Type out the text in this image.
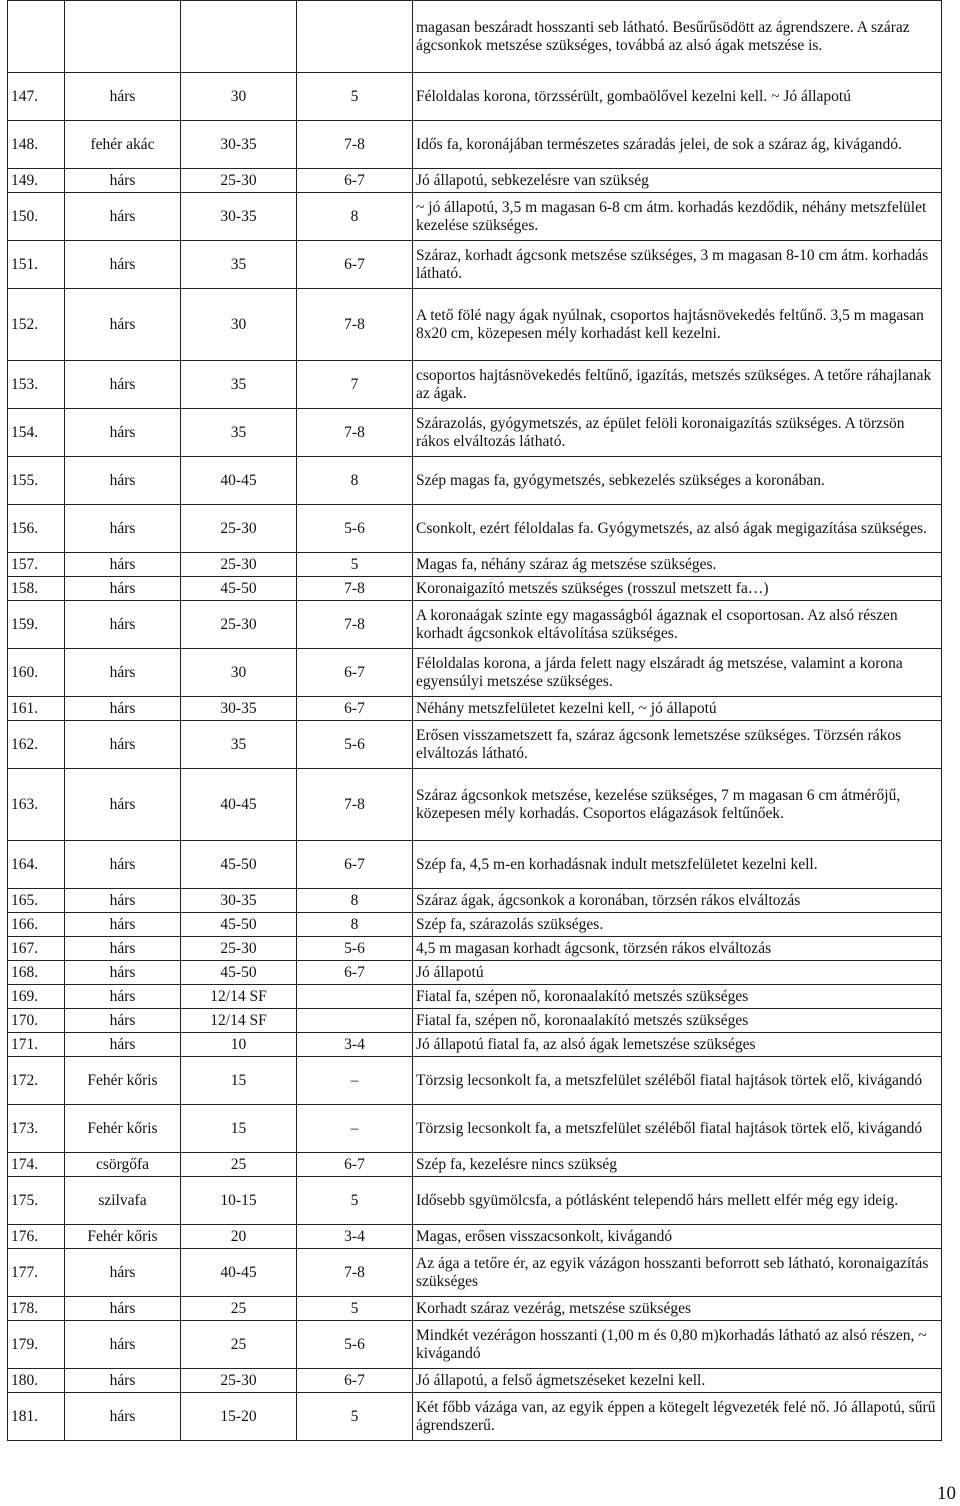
				magasan beszáradt hosszanti seb látható. Besűrűsödött az ágrendszere. A száraz ágcsonkok metszése szükséges, továbbá az alsó ágak metszése is.
147.	hárs	30	5	Féloldalas korona, törzssérült, gombaölővel kezelni kell. ~ Jó állapotú
148.	fehér akác	30-35	7-8	Idős fa, koronájában természetes száradás jelei, de sok a száraz ág, kivágandó.
149.	hárs	25-30	6-7	Jó állapotú, sebkezelésre van szükség
150.	hárs	30-35	8	~ jó állapotú, 3,5 m magasan 6-8 cm átm. korhadás kezdődik, néhány metszfelület kezelése szükséges.
151.	hárs	35	6-7	Száraz, korhadt ágcsonk metszése szükséges, 3 m magasan 8-10 cm átm. korhadás látható.
152.	hárs	30	7-8	A tető fölé nagy ágak nyúlnak, csoportos hajtásnövekedés feltűnő. 3,5 m magasan 8x20 cm, közepesen mély korhadást kell kezelni.
153.	hárs	35	7	csoportos hajtásnövekedés feltűnő, igazítás, metszés szükséges. A tetőre ráhajlanak az ágak.
154.	hárs	35	7-8	Szárazolás, gyógymetszés, az épület felöli koronaigazítás szükséges. A törzsön rákos elváltozás látható.
155.	hárs	40-45	8	Szép magas fa, gyógymetszés, sebkezelés szükséges a koronában.
156.	hárs	25-30	5-6	Csonkolt, ezért féloldalas fa. Gyógymetszés, az alsó ágak megigazítása szükséges.
157.	hárs	25-30	5	Magas fa, néhány száraz ág metszése szükséges.
158.	hárs	45-50	7-8	Koronaigazító metszés szükséges (rosszul metszett fa…)
159.	hárs	25-30	7-8	A koronaágak szinte egy magasságból ágaznak el csoportosan. Az alsó részen korhadt ágcsonkok eltávolítása szükséges.
160.	hárs	30	6-7	Féloldalas korona, a járda felett nagy elszáradt ág metszése, valamint a korona egyensúlyi metszése szükséges.
161.	hárs	30-35	6-7	Néhány metszfelületet kezelni kell, ~ jó állapotú
162.	hárs	35	5-6	Erősen visszametszett fa, száraz ágcsonk lemetszése szükséges. Törzsén rákos elváltozás látható.
163.	hárs	40-45	7-8	Száraz ágcsonkok metszése, kezelése szükséges, 7 m magasan 6 cm átmérőjű, közepesen mély korhadás. Csoportos elágazások feltűnőek.
164.	hárs	45-50	6-7	Szép fa, 4,5 m-en korhadásnak indult metszfelületet kezelni kell.
165.	hárs	30-35	8	Száraz ágak, ágcsonkok a koronában, törzsén rákos elváltozás
166.	hárs	45-50	8	Szép fa, szárazolás szükséges.
167.	hárs	25-30	5-6	4,5 m magasan korhadt ágcsonk, törzsén rákos elváltozás
168.	hárs	45-50	6-7	Jó állapotú
169.	hárs	12/14 SF		Fiatal fa, szépen nő, koronaalakító metszés szükséges
170.	hárs	12/14 SF		Fiatal fa, szépen nő, koronaalakító metszés szükséges
171.	hárs	10	3-4	Jó állapotú fiatal fa, az alsó ágak lemetszése szükséges
172.	Fehér kőris	15	–	Törzsig lecsonkolt fa, a metszfelület széléből fiatal hajtások törtek elő, kivágandó
173.	Fehér kőris	15	–	Törzsig lecsonkolt fa, a metszfelület széléből fiatal hajtások törtek elő, kivágandó
174.	csörgőfa	25	6-7	Szép fa, kezelésre nincs szükség
175.	szilvafa	10-15	5	Idősebb sgyümölcsfa, a pótlásként telependő hárs mellett elfér még egy ideig.
176.	Fehér kőris	20	3-4	Magas, erősen visszacsonkolt, kivágandó
177.	hárs	40-45	7-8	Az ága a tetőre ér, az egyik vázágon hosszanti beforrott seb látható, koronaigazítás szükséges
178.	hárs	25	5	Korhadt száraz vezérág, metszése szükséges
179.	hárs	25	5-6	Mindkét vezérágon hosszanti (1,00 m és 0,80 m)korhadás látható az alsó részen, ~ kivágandó
180.	hárs	25-30	6-7	Jó állapotú, a felső ágmetszéseket kezelni kell.
181.	hárs	15-20	5	Két főbb vázága van, az egyik éppen a kötegelt légvezeték felé nő. Jó állapotú, sűrű ágrendszerű.
10
